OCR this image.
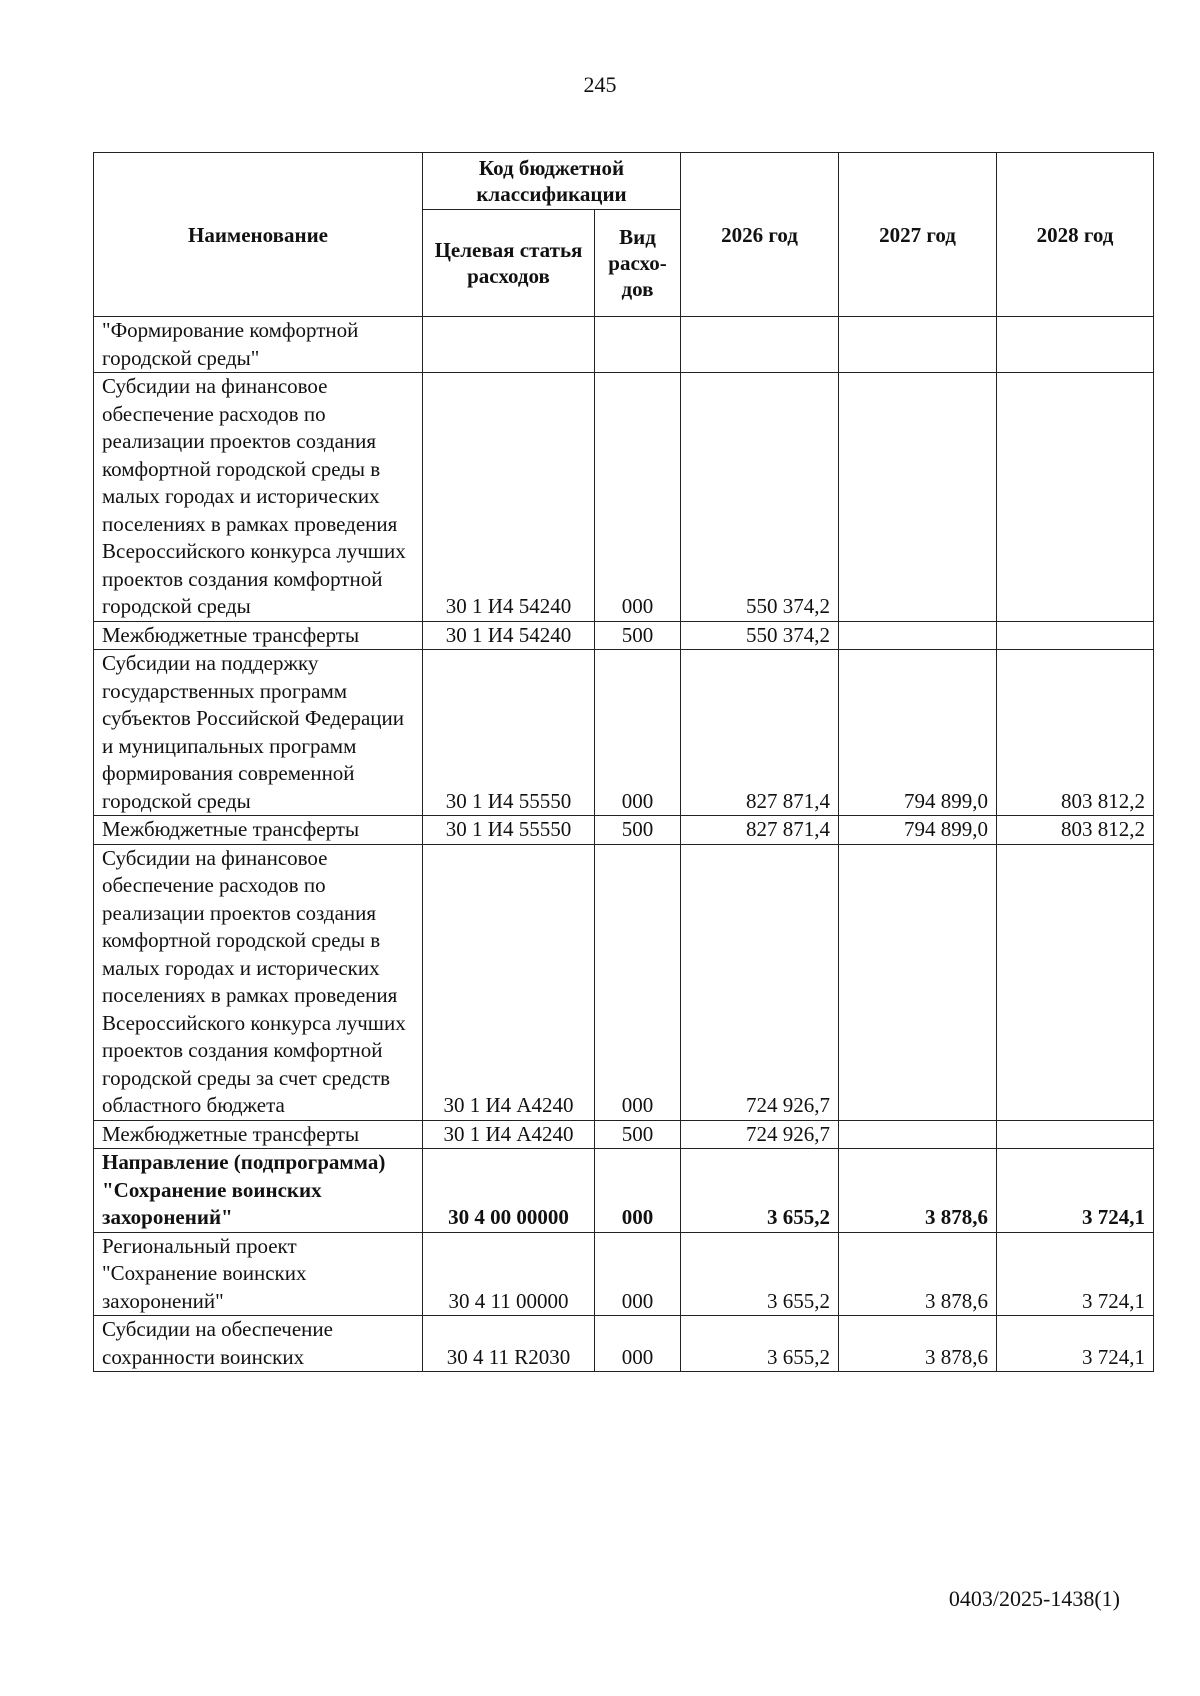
245
Наименование	Код бюджетной классификации		2026 год	2027 год	2028 год
	Целевая статья расходов	Вид расхо-дов			
"Формирование комфортной городской среды"					
Субсидии на финансовое обеспечение расходов по реализации проектов создания комфортной городской среды в малых городах и исторических поселениях в рамках проведения Всероссийского конкурса лучших проектов создания комфортной городской среды	30 1 И4 54240	000	550 374,2		
Межбюджетные трансферты	30 1 И4 54240	500	550 374,2		
Субсидии на поддержку государственных программ субъектов Российской Федерации и муниципальных программ формирования современной городской среды	30 1 И4 55550	000	827 871,4	794 899,0	803 812,2
Межбюджетные трансферты	30 1 И4 55550	500	827 871,4	794 899,0	803 812,2
Субсидии на финансовое обеспечение расходов по реализации проектов создания комфортной городской среды в малых городах и исторических поселениях в рамках проведения Всероссийского конкурса лучших проектов создания комфортной городской среды за счет средств областного бюджета	30 1 И4 А4240	000	724 926,7		
Межбюджетные трансферты	30 1 И4 А4240	500	724 926,7		
Направление (подпрограмма) "Сохранение воинских захоронений"	30 4 00 00000	000	3 655,2	3 878,6	3 724,1
Региональный проект "Сохранение воинских захоронений"	30 4 11 00000	000	3 655,2	3 878,6	3 724,1
Субсидии на обеспечение сохранности воинских	30 4 11 R2030	000	3 655,2	3 878,6	3 724,1
0403/2025-1438(1)
